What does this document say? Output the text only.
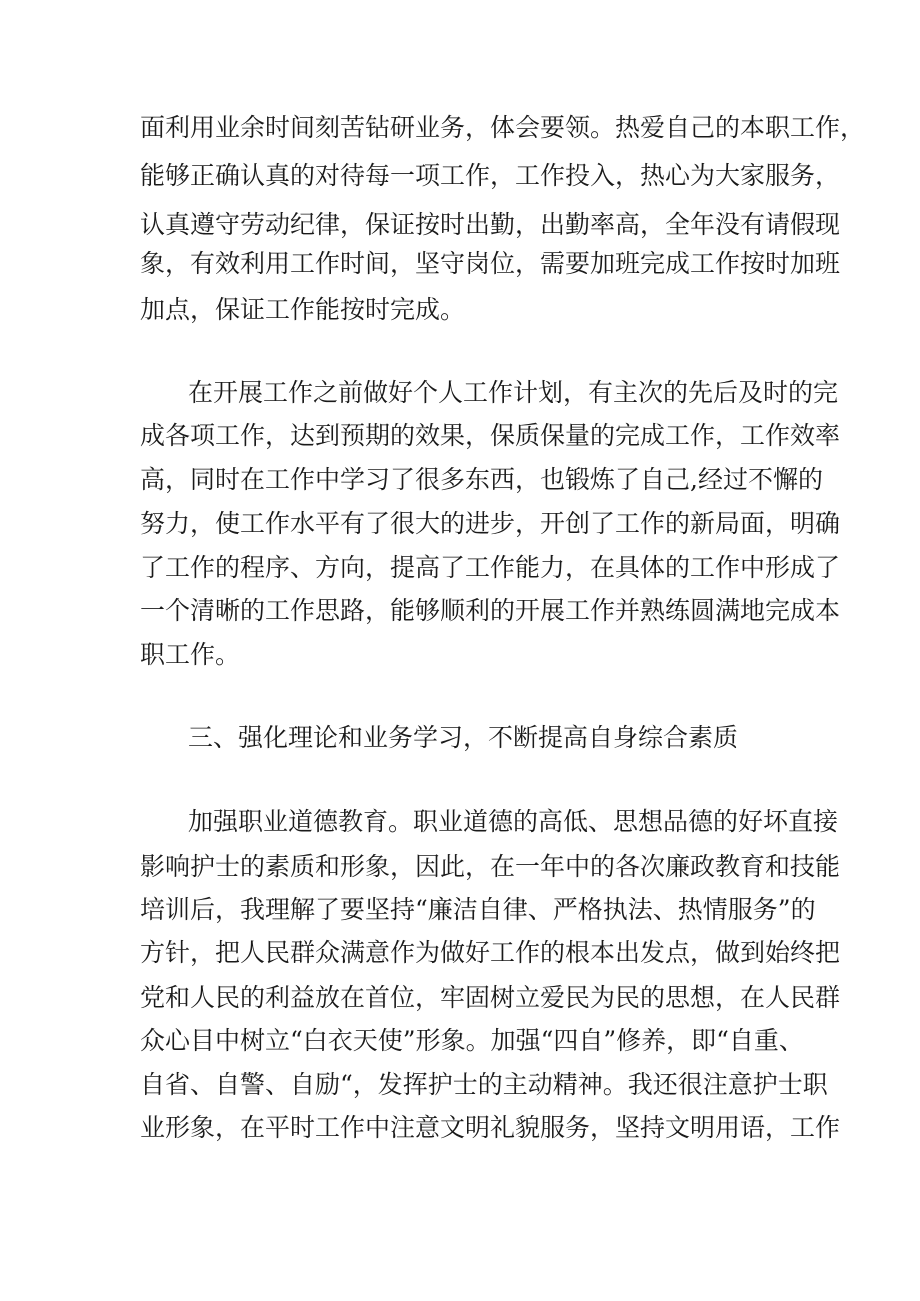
面利用业余时间刻苦钻研业务，体会要领。热爱自己的本职工作，
能够正确认真的对待每一项工作，工作投入，热心为大家服务，
认真遵守劳动纪律，保证按时出勤，出勤率高，全年没有请假现
象，有效利用工作时间，坚守岗位，需要加班完成工作按时加班
加点，保证工作能按时完成。
在开展工作之前做好个人工作计划，有主次的先后及时的完
成各项工作，达到预期的效果，保质保量的完成工作，工作效率
高，同时在工作中学习了很多东西，也锻炼了自己,经过不懈的
努力，使工作水平有了很大的进步，开创了工作的新局面，明确
了工作的程序、方向，提高了工作能力，在具体的工作中形成了
一个清晰的工作思路，能够顺利的开展工作并熟练圆满地完成本
职工作。
三、强化理论和业务学习，不断提高自身综合素质
加强职业道德教育。职业道德的高低、思想品德的好坏直接
影响护士的素质和形象，因此，在一年中的各次廉政教育和技能
培训后，我理解了要坚持“廉洁自律、严格执法、热情服务”的
方针，把人民群众满意作为做好工作的根本出发点，做到始终把
党和人民的利益放在首位，牢固树立爱民为民的思想，在人民群
众心目中树立“白衣天使”形象。加强“四自”修养，即“自重、
自省、自警、自励“，发挥护士的主动精神。我还很注意护士职
业形象，在平时工作中注意文明礼貌服务，坚持文明用语，工作
